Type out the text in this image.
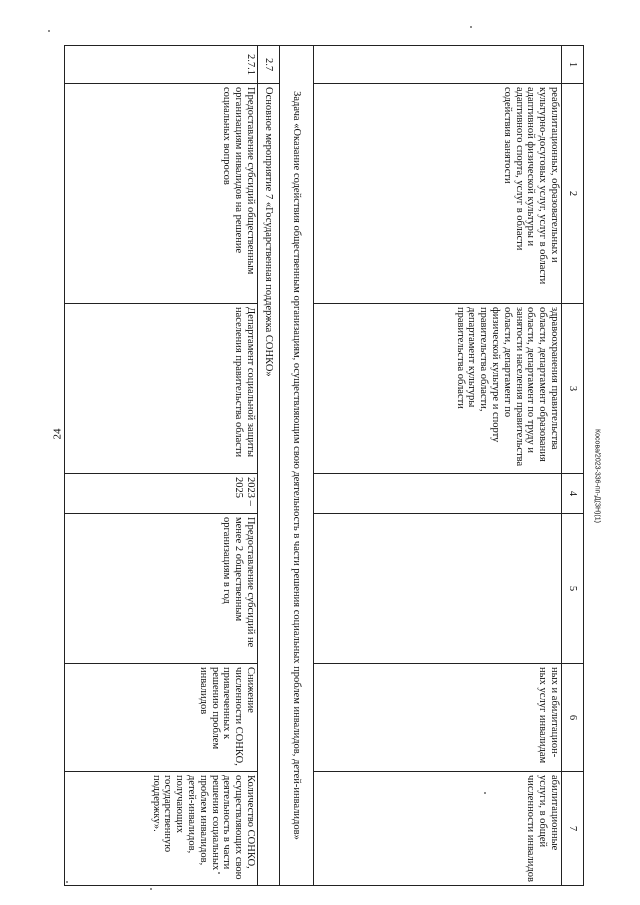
24	Косова/2023-336-пп-Д(ЗН)(1)
1	2	3	4	5	6	7
	реабилитационных, образовательных и культурно-досуговых услуг, услуг в области адаптивной физической культуры и адаптивного спорта, услуг в области содействия занятости	здравоохранения правительства области, департамент образования области, департамент по труду и занятости населения правительства области, департамент по физической культуре и спорту правительства области, департамент культуры правительства области			ных и абилитацион-ных услуг инвалидам	абилитационные услуги, в общей численности инвалидов
Задача «Оказание содействия общественным организациям, осуществляющим свою деятельность в части решения социальных проблем инвалидов, детей-инвалидов»						
2.7	Основное мероприятие 7 «Государственная поддержка СОНКО»					
2.7.1	Предоставление субсидий общественным организациям инвалидов на решение социальных вопросов	Департамент социальной защиты населения правительства области	2023 – 2025	Предоставление субсидий не менее 2 общественным организациям в год	Снижение численности СОНКО, привлеченных к решению проблем инвалидов	Количество СОНКО, осуществляющих свою деятельность в части решения социальных проблем инвалидов, детей-инвалидов, получающих государственную поддержку».
